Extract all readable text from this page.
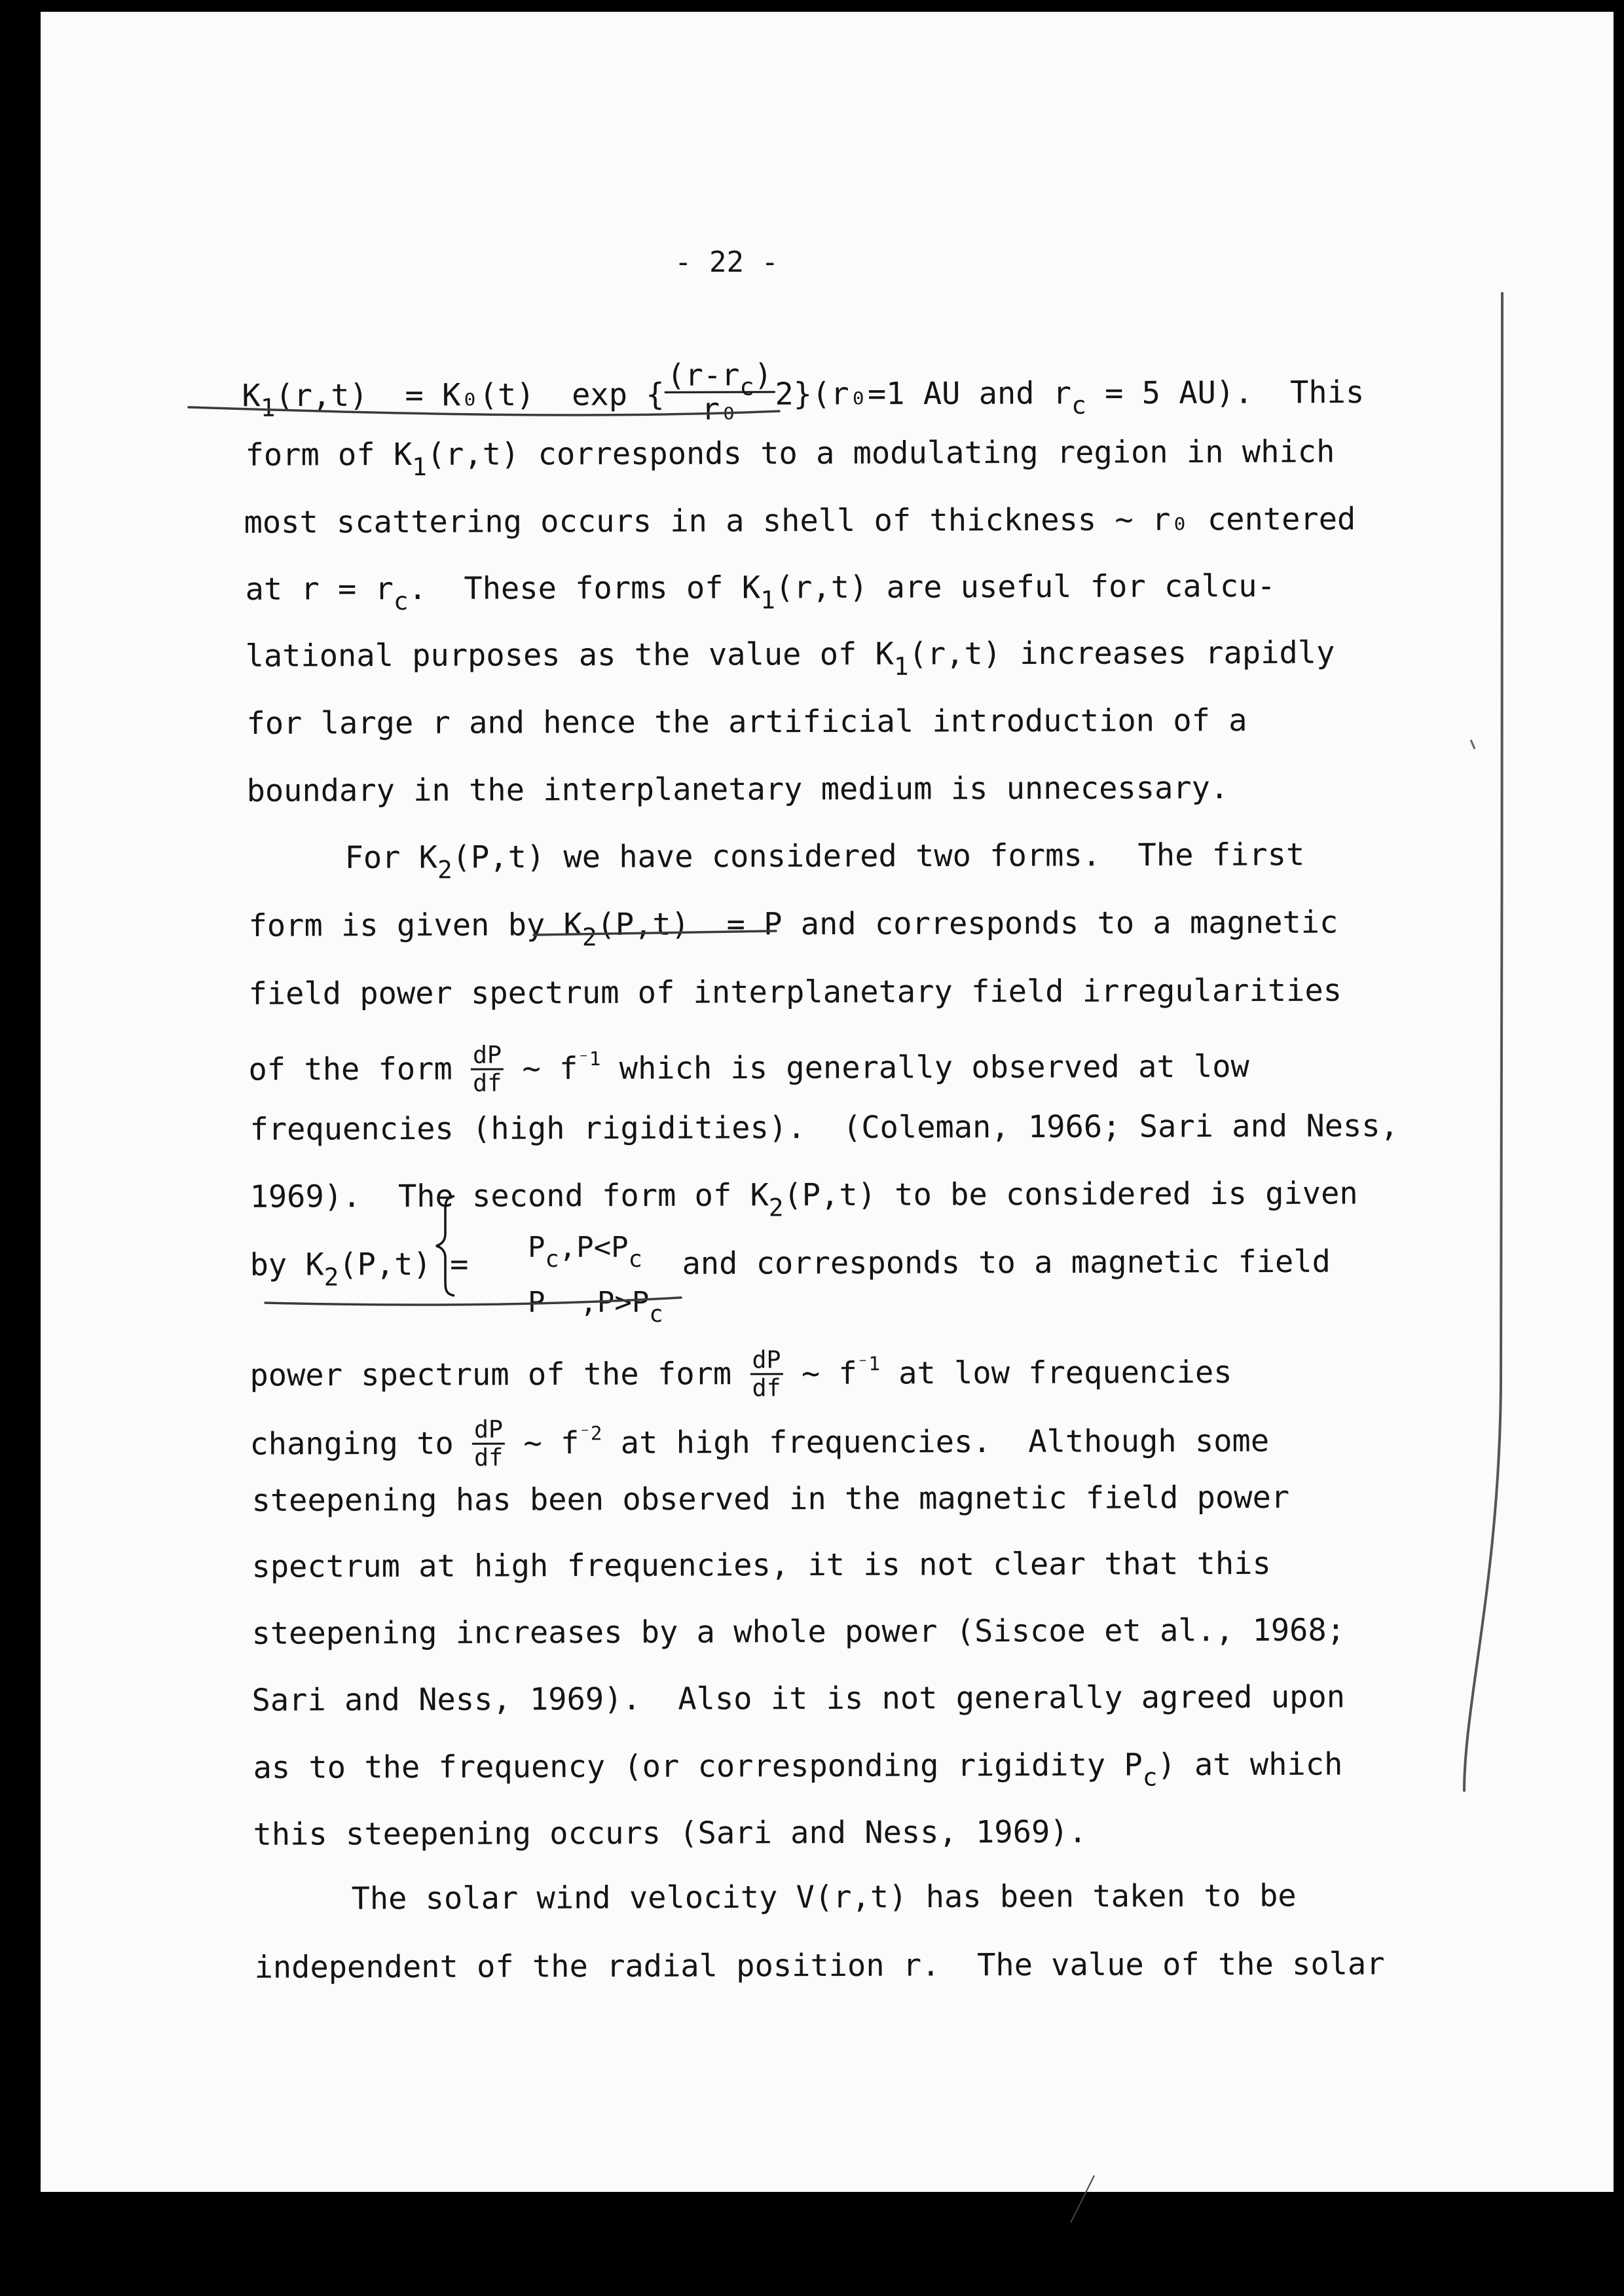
- 22 -

$K_1(r,t) = K_0(t)$  exp { $\frac{(r-r_c)}{\text{r₀}} 2\}(r_0=1$ AU and $r_c = 5$ AU).  This

form of $K_1(r,t)$ corresponds to a modulating region in which

most scattering occurs in a shell of thickness ∼ r₀ centered

at $r = r_c$.  These forms of $K_1(r,t)$ are useful for calcu-

lational purposes as the value of $K_1(r,t)$ increases rapidly

for large r and hence the artificial introduction of a

boundary in the interplanetary medium is unnecessary.

For $K_2(P,t)$ we have considered two forms.  The first

form is given by $K_2(P,t) = P$ and corresponds to a magnetic

field power spectrum of interplanetary field irregularities

of the form $\frac{dP}{df}$ ∼ $f^{^-1}$ which is generally observed at low

frequencies (high rigidities).  (Coleman, 1966; Sari and Ness,

1969).  The second form of $K_2(P,t)$ to be considered is given

by $K_2(P,t)$ =	$P_c,P<P_c$

P  $,P>P_c$

and corresponds to a magnetic field

power spectrum of the form $\frac{dP}{df}$ ∼ $f^{^-1}$ at low frequencies

changing to $\frac{dP}{df}$ ∼ $f^{^-2}$ at high frequencies.  Although some

steepening has been observed in the magnetic field power

spectrum at high frequencies, it is not clear that this

steepening increases by a whole power (Siscoe et al., 1968;

Sari and Ness, 1969).  Also it is not generally agreed upon

as to the frequency (or corresponding rigidity $P_c$) at which

this steepening occurs (Sari and Ness, 1969).

The solar wind velocity V(r,t) has been taken to be

independent of the radial position r.  The value of the solar
